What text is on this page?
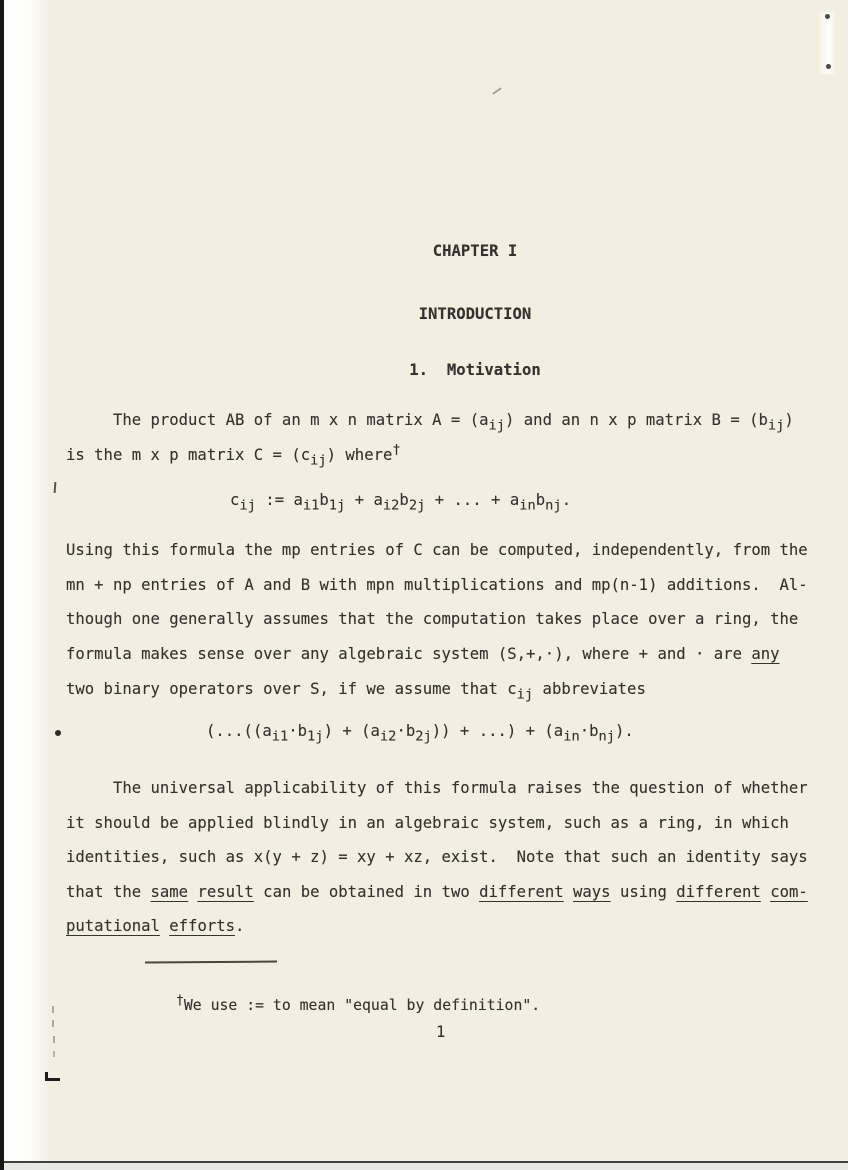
CHAPTER I
INTRODUCTION
1.  Motivation
The product AB of an m x n matrix $A = (a_{ij})$ and an n x p matrix $B = (b_{ij})$
is the m x p matrix $C = (c_{ij})$ where†
$c_{ij}$ := $a_{i1}b_{1j} + a_{i2}b_{2j}$ + ... + $a_{in}b_{nj}$.
Using this formula the mp entries of C can be computed, independently, from the
mn + np entries of A and B with mpn multiplications and mp(n-1) additions.  Al-
though one generally assumes that the computation takes place over a ring, the
formula makes sense over any algebraic system (S,+,·), where + and · are any
two binary operators over S, if we assume that $c_{ij}$ abbreviates
($...((a_{i1}\cdot b_{1j}) + (a_{i2}\cdot b_{2j}))$ + ...) + $(a_{in}\cdot b_{nj})$.
The universal applicability of this formula raises the question of whether
it should be applied blindly in an algebraic system, such as a ring, in which
identities, such as x(y + z) = xy + xz, exist.  Note that such an identity says
that the same result can be obtained in two different ways using different com-
putational efforts.
†We use := to mean "equal by definition".
1
